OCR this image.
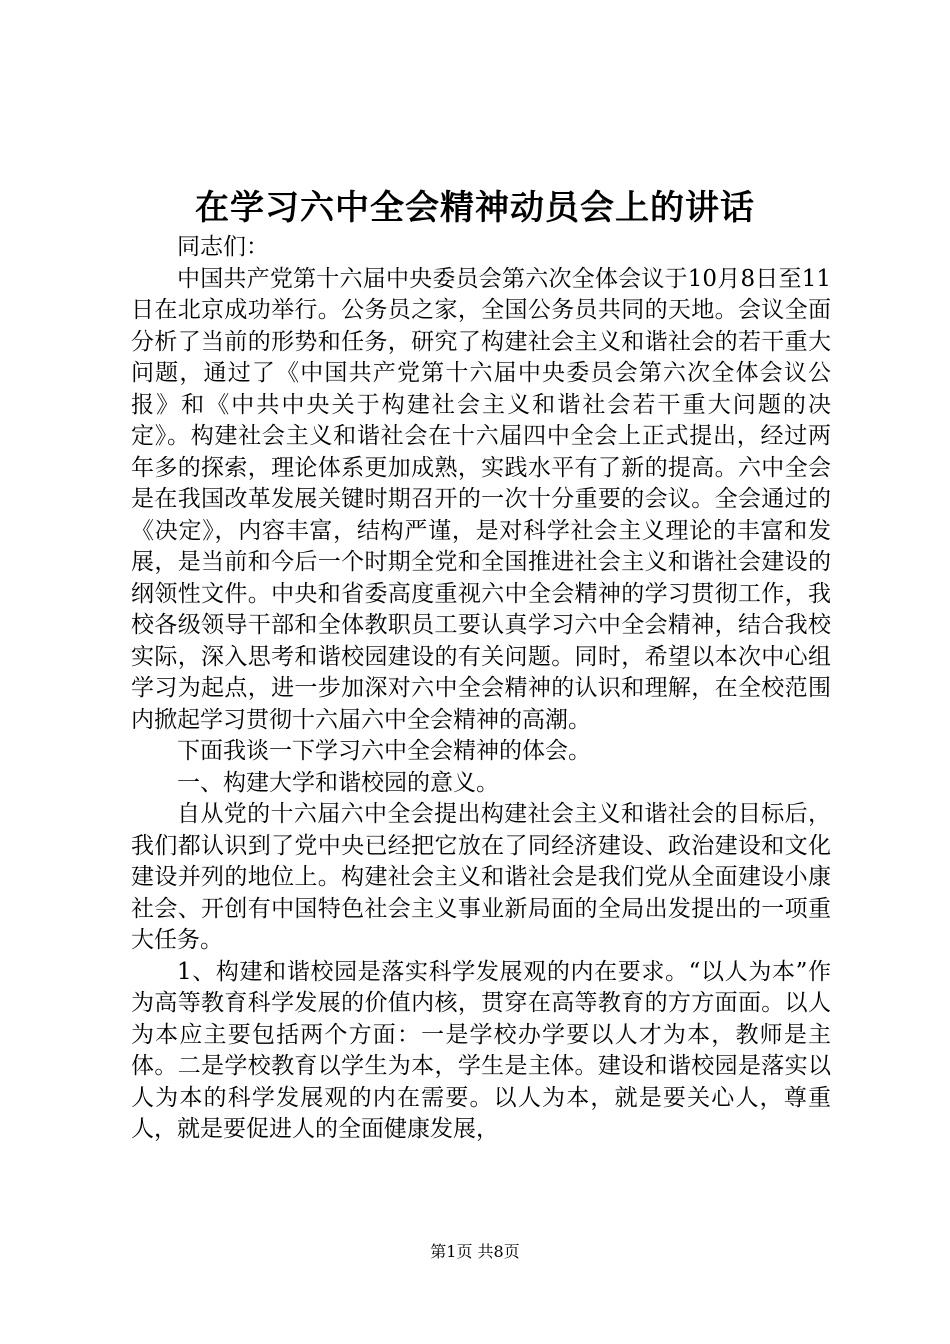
在学习六中全会精神动员会上的讲话

同志们：

中国共产党第十六届中央委员会第六次全体会议于10月8日至11日在北京成功举行。公务员之家，全国公务员共同的天地。会议全面分析了当前的形势和任务，研究了构建社会主义和谐社会的若干重大问题，通过了《中国共产党第十六届中央委员会第六次全体会议公报》和《中共中央关于构建社会主义和谐社会若干重大问题的决定》。构建社会主义和谐社会在十六届四中全会上正式提出，经过两年多的探索，理论体系更加成熟，实践水平有了新的提高。六中全会是在我国改革发展关键时期召开的一次十分重要的会议。全会通过的《决定》，内容丰富，结构严谨，是对科学社会主义理论的丰富和发展，是当前和今后一个时期全党和全国推进社会主义和谐社会建设的纲领性文件。中央和省委高度重视六中全会精神的学习贯彻工作，我校各级领导干部和全体教职员工要认真学习六中全会精神，结合我校实际，深入思考和谐校园建设的有关问题。同时，希望以本次中心组学习为起点，进一步加深对六中全会精神的认识和理解，在全校范围内掀起学习贯彻十六届六中全会精神的高潮。

下面我谈一下学习六中全会精神的体会。

一、构建大学和谐校园的意义。

自从党的十六届六中全会提出构建社会主义和谐社会的目标后，我们都认识到了党中央已经把它放在了同经济建设、政治建设和文化建设并列的地位上。构建社会主义和谐社会是我们党从全面建设小康社会、开创有中国特色社会主义事业新局面的全局出发提出的一项重大任务。

1、构建和谐校园是落实科学发展观的内在要求。“以人为本”作为高等教育科学发展的价值内核，贯穿在高等教育的方方面面。以人为本应主要包括两个方面：一是学校办学要以人才为本，教师是主体。二是学校教育以学生为本，学生是主体。建设和谐校园是落实以人为本的科学发展观的内在需要。以人为本，就是要关心人，尊重人，就是要促进人的全面健康发展，

第1页 共8页
